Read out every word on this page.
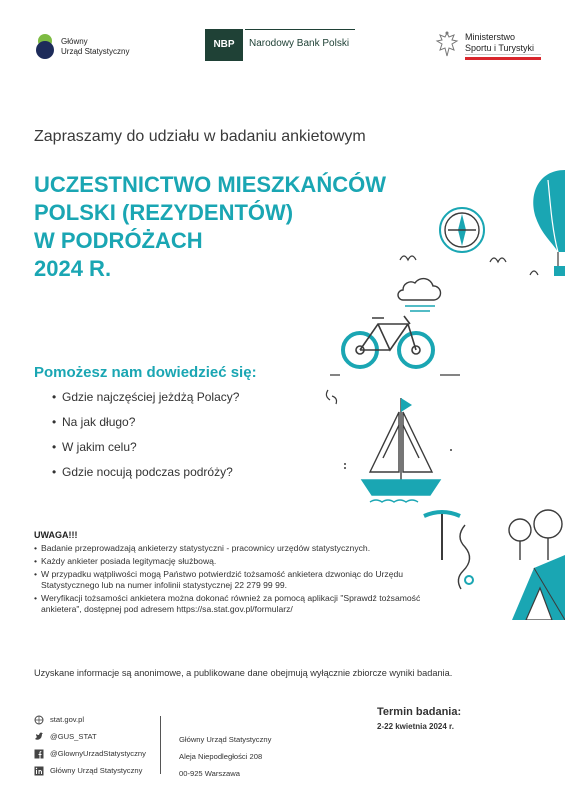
Główny
Urząd Statystyczny
NBP	Narodowy Bank Polski
Ministerstwo
Sportu i Turystyki
Zapraszamy do udziału w badaniu ankietowym
UCZESTNICTWO MIESZKAŃCÓW
POLSKI (REZYDENTÓW)
W PODRÓŻACH
2024 R.
Pomożesz nam dowiedzieć się:
• Gdzie najczęściej jeżdżą Polacy?
• Na jak długo?
• W jakim celu?
• Gdzie nocują podczas podróży?
UWAGA!!!
• Badanie przeprowadzają ankieterzy statystyczni - pracownicy urzędów statystycznych.
• Każdy ankieter posiada legitymację służbową.
• W przypadku wątpliwości mogą Państwo potwierdzić tożsamość ankietera dzwoniąc do Urzędu Statystycznego lub na numer infolinii statystycznej 22 279 99 99.
• Weryfikacji tożsamości ankietera można dokonać również za pomocą aplikacji "Sprawdź tożsamość ankietera", dostępnej pod adresem https://sa.stat.gov.pl/formularz/
Uzyskane informacje są anonimowe, a publikowane dane obejmują wyłącznie zbiorcze wyniki badania.
stat.gov.pl
@GUS_STAT
@GlownyUrzadStatystyczny
Główny Urząd Statystyczny
Główny Urząd Statystyczny
Aleja Niepodległości 208
00-925 Warszawa
Termin badania:
2-22 kwietnia 2024 r.
